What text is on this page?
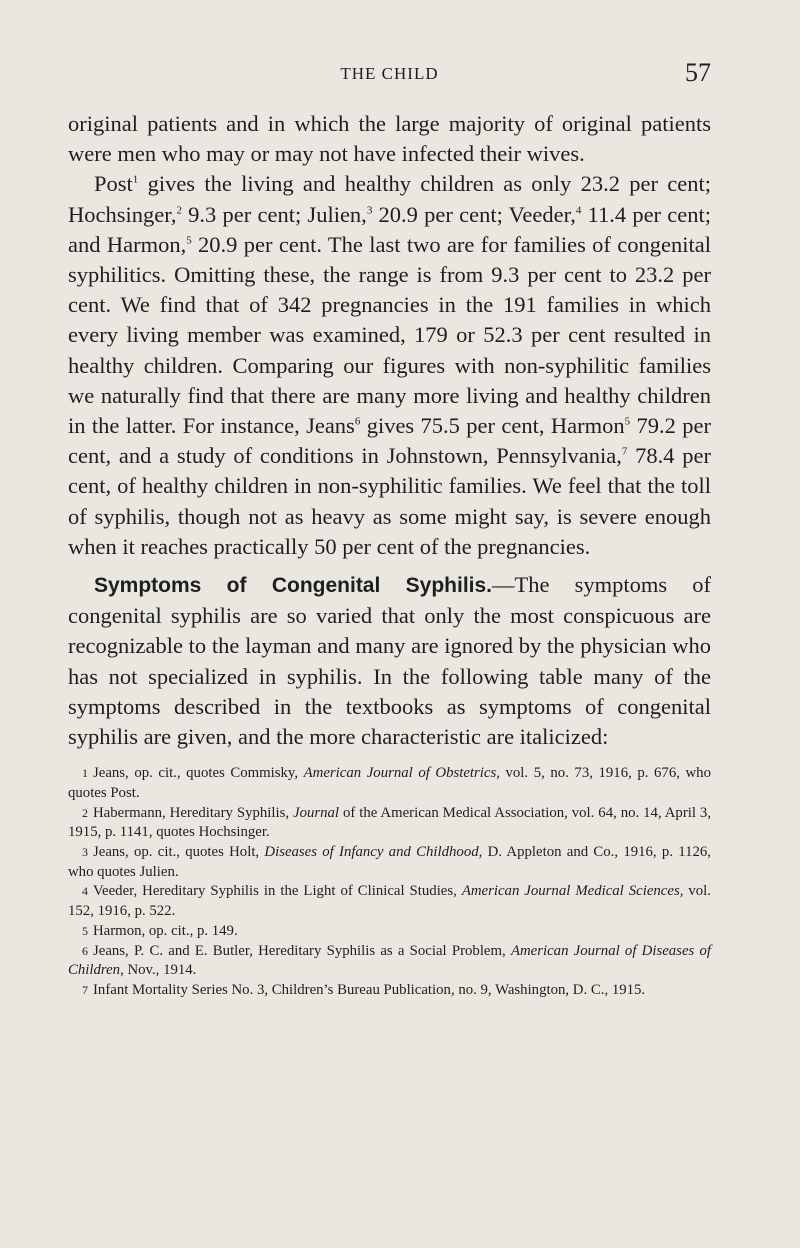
THE CHILD	57

original patients and in which the large majority of original patients were men who may or may not have infected their wives.

Post$^1$ gives the living and healthy children as only 23.2 per cent; Hochsinger,$^2$ 9.3 per cent; Julien,$^3$ 20.9 per cent; Veeder,$^4$ 11.4 per cent; and Harmon,$^5$ 20.9 per cent. The last two are for families of congenital syphilitics. Omitting these, the range is from 9.3 per cent to 23.2 per cent. We find that of 342 pregnancies in the 191 families in which every living member was examined, 179 or 52.3 per cent resulted in healthy children. Comparing our figures with non-syphilitic families we naturally find that there are many more living and healthy children in the latter. For instance, Jeans$^6$ gives 75.5 per cent, Harmon$^5$ 79.2 per cent, and a study of conditions in Johnstown, Pennsylvania,$^7$ 78.4 per cent, of healthy children in non-syphilitic families. We feel that the toll of syphilis, though not as heavy as some might say, is severe enough when it reaches practically 50 per cent of the pregnancies.

Symptoms of Congenital Syphilis.—The symptoms of congenital syphilis are so varied that only the most conspicuous are recognizable to the layman and many are ignored by the physician who has not specialized in syphilis. In the following table many of the symptoms described in the textbooks as symptoms of congenital syphilis are given, and the more characteristic are italicized:

1 Jeans, op. cit., quotes Commisky, American Journal of Obstetrics, vol. 5, no. 73, 1916, p. 676, who quotes Post.

2 Habermann, Hereditary Syphilis, Journal of the American Medical Association, vol. 64, no. 14, April 3, 1915, p. 1141, quotes Hochsinger.

3 Jeans, op. cit., quotes Holt, Diseases of Infancy and Childhood, D. Appleton and Co., 1916, p. 1126, who quotes Julien.

4 Veeder, Hereditary Syphilis in the Light of Clinical Studies, American Journal Medical Sciences, vol. 152, 1916, p. 522.

5 Harmon, op. cit., p. 149.

6 Jeans, P. C. and E. Butler, Hereditary Syphilis as a Social Problem, American Journal of Diseases of Children, Nov., 1914.

7 Infant Mortality Series No. 3, Children’s Bureau Publication, no. 9, Washington, D. C., 1915.
